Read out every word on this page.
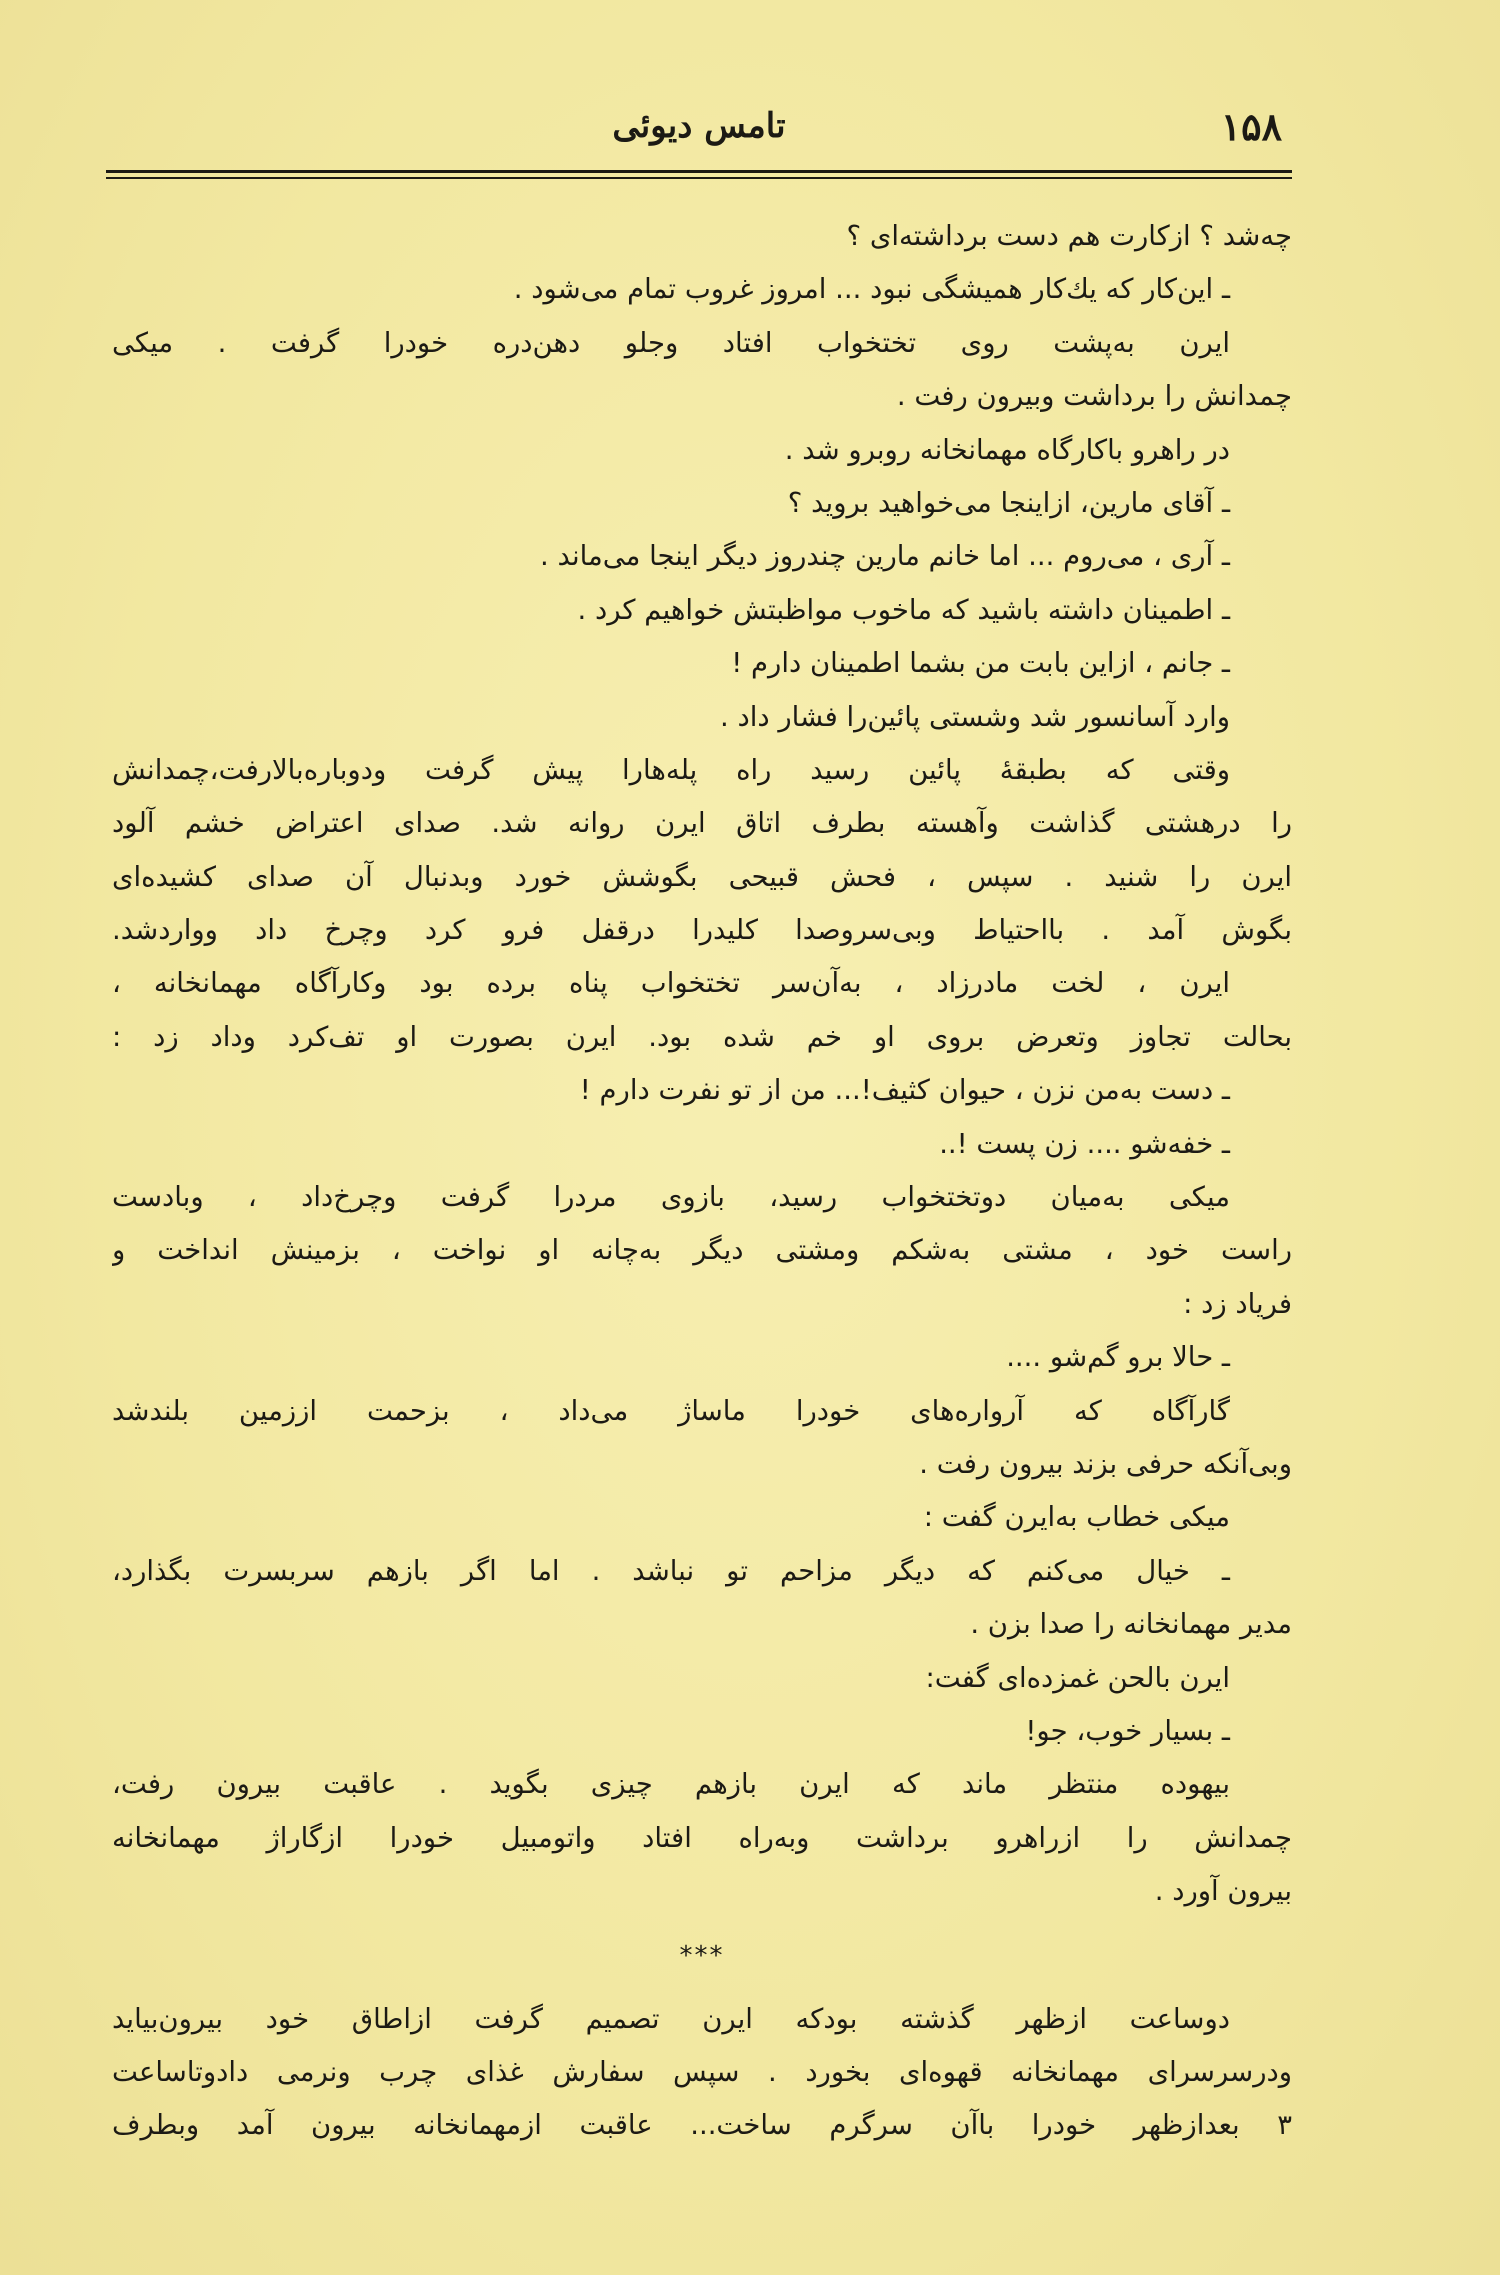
۱۵۸
تامس دیوئی
چه‌شد ؟ ازکارت هم دست برداشته‌ای ؟
ـ این‌کار که یك‌کار همیشگی نبود ... امروز غروب تمام می‌شود .
ایرن به‌پشت روی تختخواب افتاد وجلو دهن‌دره خودرا گرفت . میکی
چمدانش را برداشت وبیرون رفت .
در راهرو باکارگاه مهمانخانه روبرو شد .
ـ آقای مارین، ازاینجا می‌خواهید بروید ؟
ـ آری ، می‌روم ... اما خانم مارین چندروز دیگر اینجا می‌ماند .
ـ اطمینان داشته باشید که ماخوب مواظبتش خواهیم کرد .
ـ جانم ، ازاین بابت من بشما اطمینان دارم !
وارد آسانسور شد وشستی پائین‌را فشار داد .
وقتی که بطبقهٔ پائین رسید راه پله‌هارا پیش گرفت ودوباره‌بالارفت،چمدانش
را درهشتی گذاشت وآهسته بطرف اتاق ایرن روانه شد. صدای اعتراض خشم آلود
ایرن را شنید . سپس ، فحش قبیحی بگوشش خورد وبدنبال آن صدای کشیده‌ای
بگوش آمد . بااحتیاط وبی‌سروصدا کلیدرا درقفل فرو کرد وچرخ داد ووارد‌شد.
ایرن ، لخت مادرزاد ، به‌آن‌سر تختخواب پناه برده بود وکارآگاه مهمانخانه ،
بحالت تجاوز وتعرض بروی او خم شده بود. ایرن بصورت او تف‌کرد وداد زد :
ـ دست به‌من نزن ، حیوان کثیف!... من از تو نفرت دارم !
ـ خفه‌شو .... زن پست !..
میکی به‌میان دوتختخواب رسید، بازوی مردرا گرفت وچرخ‌داد ، وبادست
راست خود ، مشتی به‌شکم ومشتی دیگر به‌چانه او نواخت ، بزمینش انداخت و
فریاد زد :
ـ حالا برو گم‌شو ....
گارآگاه که آرواره‌های خودرا ماساژ می‌داد ، بزحمت اززمین بلندشد
وبی‌آنکه حرفی بزند بیرون رفت .
میکی خطاب به‌ایرن گفت :
ـ خیال می‌کنم که دیگر مزاحم تو نباشد . اما اگر بازهم سربسرت بگذارد،
مدیر مهمانخانه را صدا بزن .
ایرن بالحن غمزده‌ای گفت:
ـ بسیار خوب، جو!
بیهوده منتظر ماند که ایرن بازهم چیزی بگوید . عاقبت بیرون رفت،
چمدانش را ازراهرو برداشت وبه‌راه افتاد واتومبیل خودرا ازگاراژ مهمانخانه
بیرون آورد .
***
دوساعت ازظهر گذشته بودکه ایرن تصمیم گرفت ازاطاق خود بیرون‌بیاید
ودرسرسرای مهمانخانه قهوه‌ای بخورد . سپس سفارش غذای چرب ونرمی دادوتاساعت
۳ بعدازظهر خودرا باآن سرگرم ساخت... عاقبت ازمهمانخانه بیرون آمد وبطرف
